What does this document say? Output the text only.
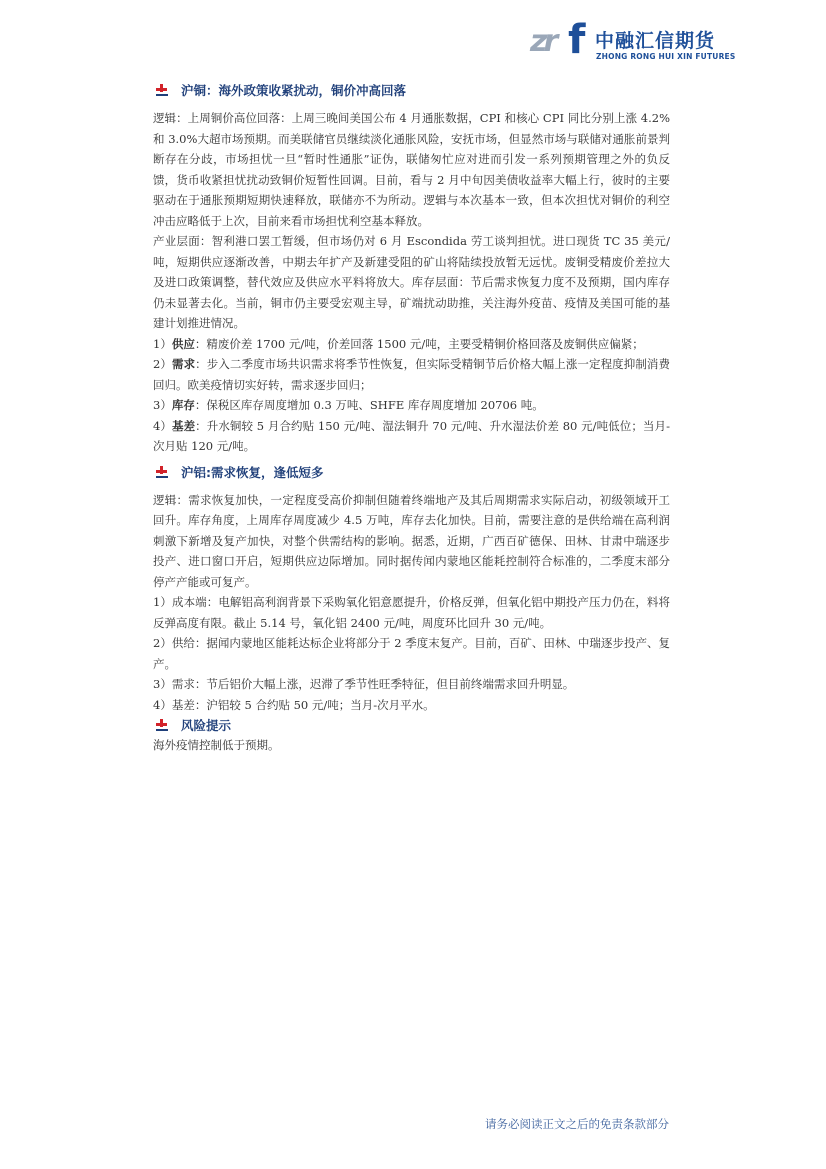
zr f 中融汇信期货
ZHONG RONG HUI XIN FUTURES
沪铜：海外政策收紧扰动，铜价冲高回落

逻辑：上周铜价高位回落：上周三晚间美国公布 4 月通胀数据，CPI 和核心 CPI 同比分别上涨 4.2%和 3.0%大超市场预期。而美联储官员继续淡化通胀风险，安抚市场，但显然市场与联储对通胀前景判断存在分歧，市场担忧一旦“暂时性通胀”证伪，联储匆忙应对进而引发一系列预期管理之外的负反馈，货币收紧担忧扰动致铜价短暂性回调。目前，看与 2 月中旬因美债收益率大幅上行，彼时的主要驱动在于通胀预期短期快速释放，联储亦不为所动。逻辑与本次基本一致，但本次担忧对铜价的利空冲击应略低于上次，目前来看市场担忧利空基本释放。

产业层面：智利港口罢工暂缓，但市场仍对 6 月 Escondida 劳工谈判担忧。进口现货 TC 35 美元/吨，短期供应逐渐改善，中期去年扩产及新建受阻的矿山将陆续投放暂无远忧。废铜受精废价差拉大及进口政策调整，替代效应及供应水平料将放大。库存层面：节后需求恢复力度不及预期，国内库存仍未显著去化。当前，铜市仍主要受宏观主导，矿端扰动助推，关注海外疫苗、疫情及美国可能的基建计划推进情况。

1）供应：精废价差 1700 元/吨，价差回落 1500 元/吨，主要受精铜价格回落及废铜供应偏紧；

2）需求：步入二季度市场共识需求将季节性恢复，但实际受精铜节后价格大幅上涨一定程度抑制消费回归。欧美疫情切实好转，需求逐步回归；

3）库存：保税区库存周度增加 0.3 万吨、SHFE 库存周度增加 20706 吨。

4）基差：升水铜较 5 月合约贴 150 元/吨、湿法铜升 70 元/吨、升水湿法价差 80 元/吨低位；当月-次月贴 120 元/吨。

沪铝:需求恢复，逢低短多

逻辑：需求恢复加快，一定程度受高价抑制但随着终端地产及其后周期需求实际启动，初级领域开工回升。库存角度，上周库存周度减少 4.5 万吨，库存去化加快。目前，需要注意的是供给端在高利润刺激下新增及复产加快，对整个供需结构的影响。据悉，近期，广西百矿德保、田林、甘肃中瑞逐步投产、进口窗口开启，短期供应边际增加。同时据传闻内蒙地区能耗控制符合标准的，二季度末部分停产产能或可复产。

1）成本端：电解铝高利润背景下采购氧化铝意愿提升，价格反弹，但氧化铝中期投产压力仍在，料将反弹高度有限。截止 5.14 号，氧化铝 2400 元/吨，周度环比回升 30 元/吨。

2）供给：据闻内蒙地区能耗达标企业将部分于 2 季度末复产。目前，百矿、田林、中瑞逐步投产、复产。

3）需求：节后铝价大幅上涨，迟滞了季节性旺季特征，但目前终端需求回升明显。

4）基差：沪铝较 5 合约贴 50 元/吨；当月-次月平水。

风险提示

海外疫情控制低于预期。

请务必阅读正文之后的免责条款部分
